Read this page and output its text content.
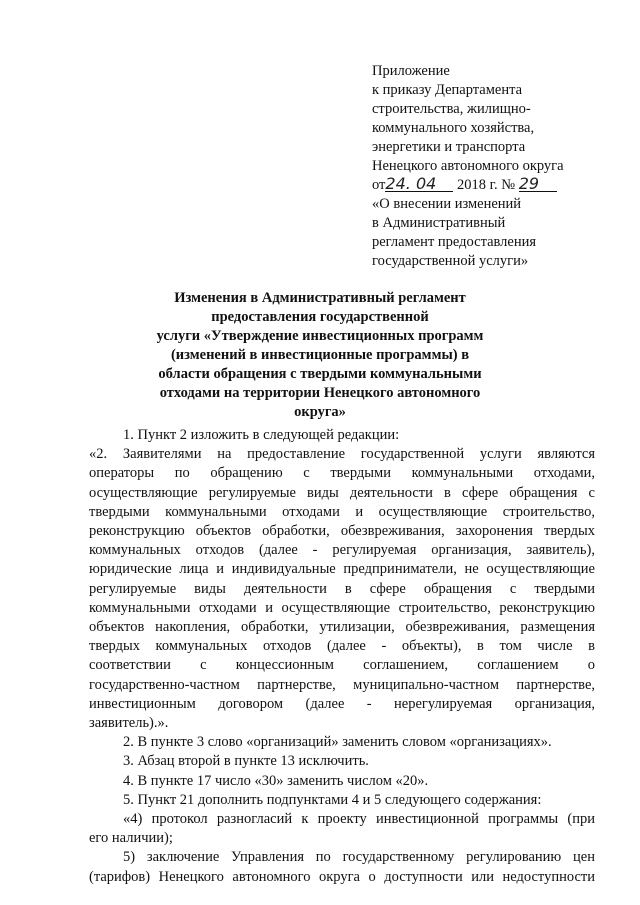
Приложение
к приказу Департамента
строительства, жилищно-
коммунального хозяйства,
энергетики и транспорта
Ненецкого автономного округа
от24. 04 2018 г. № 29
«О внесении изменений
в Административный
регламент предоставления
государственной услуги»
Изменения в Административный регламент
предоставления государственной
услуги «Утверждение инвестиционных программ
(изменений в инвестиционные программы) в
области обращения с твердыми коммунальными
отходами на территории Ненецкого автономного
округа»
1. Пункт 2 изложить в следующей редакции:
«2. Заявителями на предоставление государственной услуги являются
операторы по обращению с твердыми коммунальными отходами,
осуществляющие регулируемые виды деятельности в сфере обращения с
твердыми коммунальными отходами и осуществляющие строительство,
реконструкцию объектов обработки, обезвреживания, захоронения твердых
коммунальных отходов (далее - регулируемая организация, заявитель),
юридические лица и индивидуальные предприниматели, не осуществляющие
регулируемые виды деятельности в сфере обращения с твердыми
коммунальными отходами и осуществляющие строительство, реконструкцию
объектов накопления, обработки, утилизации, обезвреживания, размещения
твердых коммунальных отходов (далее - объекты), в том числе в
соответствии с концессионным соглашением, соглашением о
государственно-частном партнерстве, муниципально-частном партнерстве,
инвестиционным договором (далее - нерегулируемая организация,
заявитель).».
2. В пункте 3 слово «организаций» заменить словом «организациях».
3. Абзац второй в пункте 13 исключить.
4. В пункте 17 число «30» заменить числом «20».
5. Пункт 21 дополнить подпунктами 4 и 5 следующего содержания:
«4) протокол разногласий к проекту инвестиционной программы (при
его наличии);
5) заключение Управления по государственному регулированию цен
(тарифов) Ненецкого автономного округа о доступности или недоступности
